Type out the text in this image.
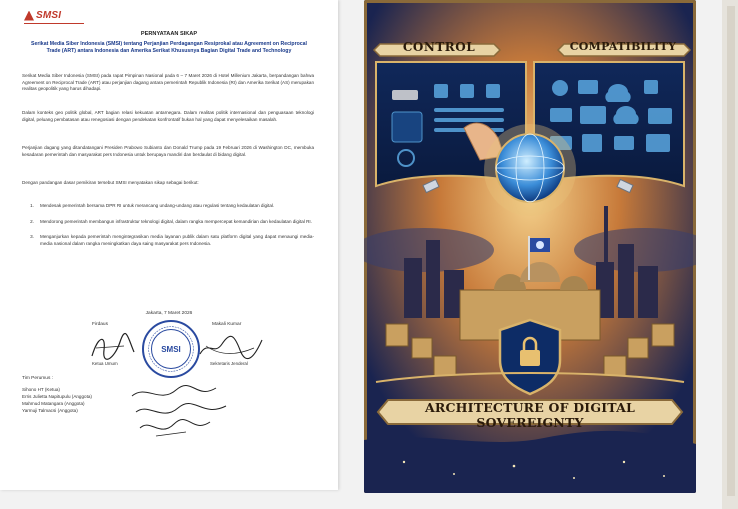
SMSI
PERNYATAAN SIKAP
Serikat Media Siber Indonesia (SMSI) tentang Perjanjian Perdagangan Resiprokal atau Agreement on Reciprocal Trade (ART) antara Indonesia dan Amerika Serikat Khususnya Bagian Digital Trade and Technology
Serikat Media Siber Indonesia (SMSI) pada rapat Pimpinan Nasional pada 6 – 7 Maret 2026 di Hotel Millenium Jakarta, berpandangan bahwa Agreement on Reciprocal Trade (ART) atau perjanjian dagang antara pemerintah Republik Indonesia (RI) dan Amerika Serikat (AS) merupakan realitas geopolitik yang harus dihadapi.
Dalam konteks geo politik global, ART bagian relasi kekuatan antarnegara. Dalam realitas politik internasional dan penguasaan teknologi digital, peluang pembatasan atau renegosiasi dengan pendekatan konfrontatif bukan hal yang dapat menyelesaikan masalah.
Perjanjian dagang yang ditandatangani Presiden Prabowo Subianto dan Donald Trump pada 19 Februari 2026 di Washington DC, membuka kesadaran pemerintah dan masyarakat pers Indonesia untuk berupaya mandiri dan berdaulat di bidang digital.
Dengan pandangan dasar pemikiran tersebut SMSI menyatakan sikap sebagai berikut:
1. Mendesak pemerintah bersama DPR RI untuk merancang undang-undang atau regulasi tentang kedaulatan digital.
2. Mendorong pemerintah membangun infrastruktur teknologi digital, dalam rangka mempercepat kemandirian dan kedaulatan digital RI.
3. Menganjurkan kepada pemerintah mengintegrasikan media layanan publik dalam satu platform digital yang dapat menaungi media-media nasional dalam rangka meningkatkan daya saing masyarakat pers Indonesia.
Jakarta, 7 Maret 2026
Firdaus	Makali Kumar
SMSI
Ketua Umum	Sekretaris Jenderal
Tim Perumus :
Sihono HT (Ketua)
Erris Julietta Napitupulu (Anggota)
Mahmud Matangara (Anggota)
Yarmuji Talmacsi (Anggota)
CONTROL	COMPATIBILITY
ARCHITECTURE OF DIGITAL SOVEREIGNTY
